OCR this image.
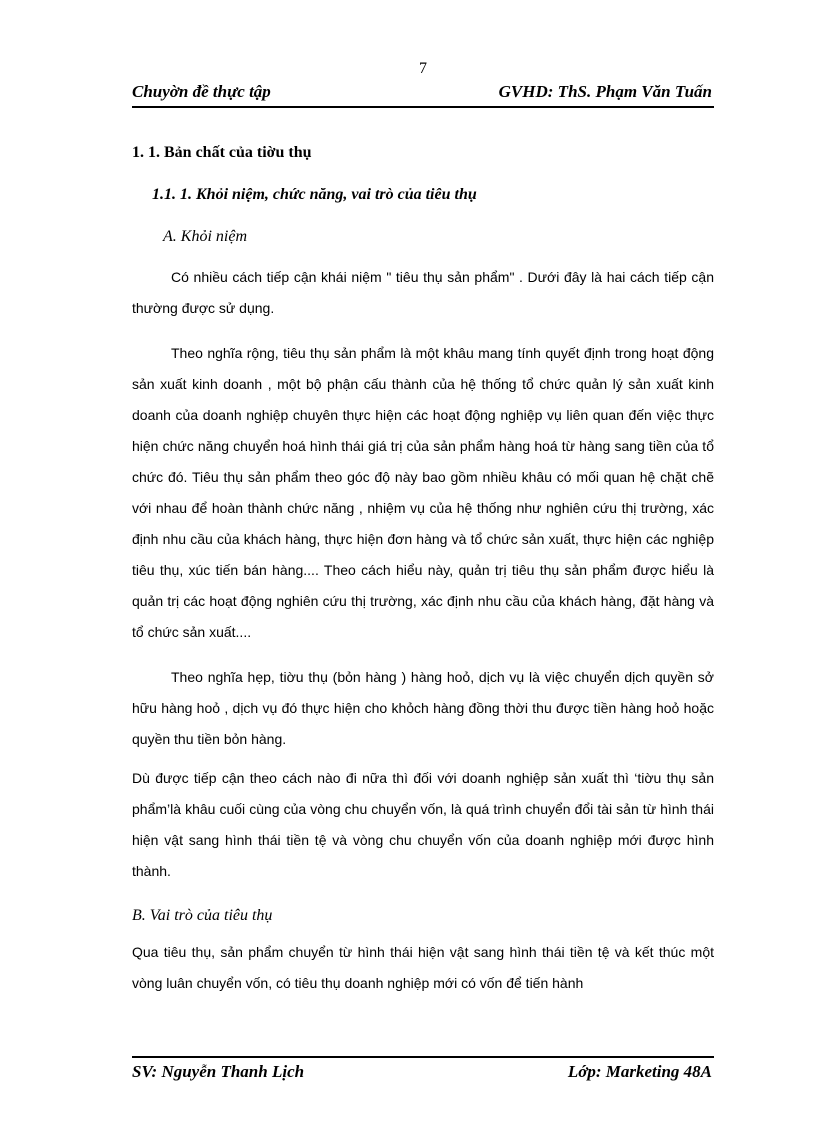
7
Chuyờn đề thực tập	GVHD: ThS. Phạm Văn Tuấn

1. 1. Bản chất của tiờu thụ

1.1. 1. Khỏi niệm, chức năng, vai trò của tiêu thụ

A. Khỏi niệm

Có nhiều cách tiếp cận khái niệm " tiêu thụ sản phẩm" . Dưới đây là hai cách tiếp cận thường được sử dụng.

Theo nghĩa rộng, tiêu thụ sản phẩm là một khâu mang tính quyết định trong hoạt động sản xuất kinh doanh , một bộ phận cấu thành của hệ thống tổ chức quản lý sản xuất kinh doanh của doanh nghiệp chuyên thực hiện các hoạt động nghiệp vụ liên quan đến việc thực hiện chức năng chuyển hoá hình thái giá trị của sản phẩm hàng hoá từ hàng sang tiền của tổ chức đó. Tiêu thụ sản phẩm theo góc độ này bao gồm nhiều khâu có mối quan hệ chặt chẽ với nhau để hoàn thành chức năng , nhiệm vụ của hệ thống như nghiên cứu thị trường, xác định nhu cầu của khách hàng, thực hiện đơn hàng và tổ chức sản xuất, thực hiện các nghiệp tiêu thụ, xúc tiến bán hàng.... Theo cách hiểu này, quản trị tiêu thụ sản phẩm được hiểu là quản trị các hoạt động nghiên cứu thị trường, xác định nhu cầu của khách hàng, đặt hàng và tổ chức sản xuất....

Theo nghĩa hẹp, tiờu thụ (bỏn hàng ) hàng hoỏ, dịch vụ là việc chuyển dịch quyền sở hữu hàng hoỏ , dịch vụ đó thực hiện cho khỏch hàng đồng thời thu được tiền hàng hoỏ hoặc quyền thu tiền bỏn hàng.

Dù được tiếp cận theo cách nào đi nữa thì đối với doanh nghiệp sản xuất thì ‘tiờu thụ sản phẩm’là khâu cuối cùng của vòng chu chuyển vốn, là quá trình chuyển đổi tài sản từ hình thái hiện vật sang hình thái tiền tệ và vòng chu chuyển vốn của doanh nghiệp mới được hình thành.

B. Vai trò của tiêu thụ

Qua tiêu thụ, sản phẩm chuyển từ hình thái hiện vật sang hình thái tiền tệ và kết thúc một vòng luân chuyển vốn, có tiêu thụ doanh nghiệp mới có vốn để tiến hành

SV: Nguyễn Thanh Lịch	Lớp: Marketing 48A
